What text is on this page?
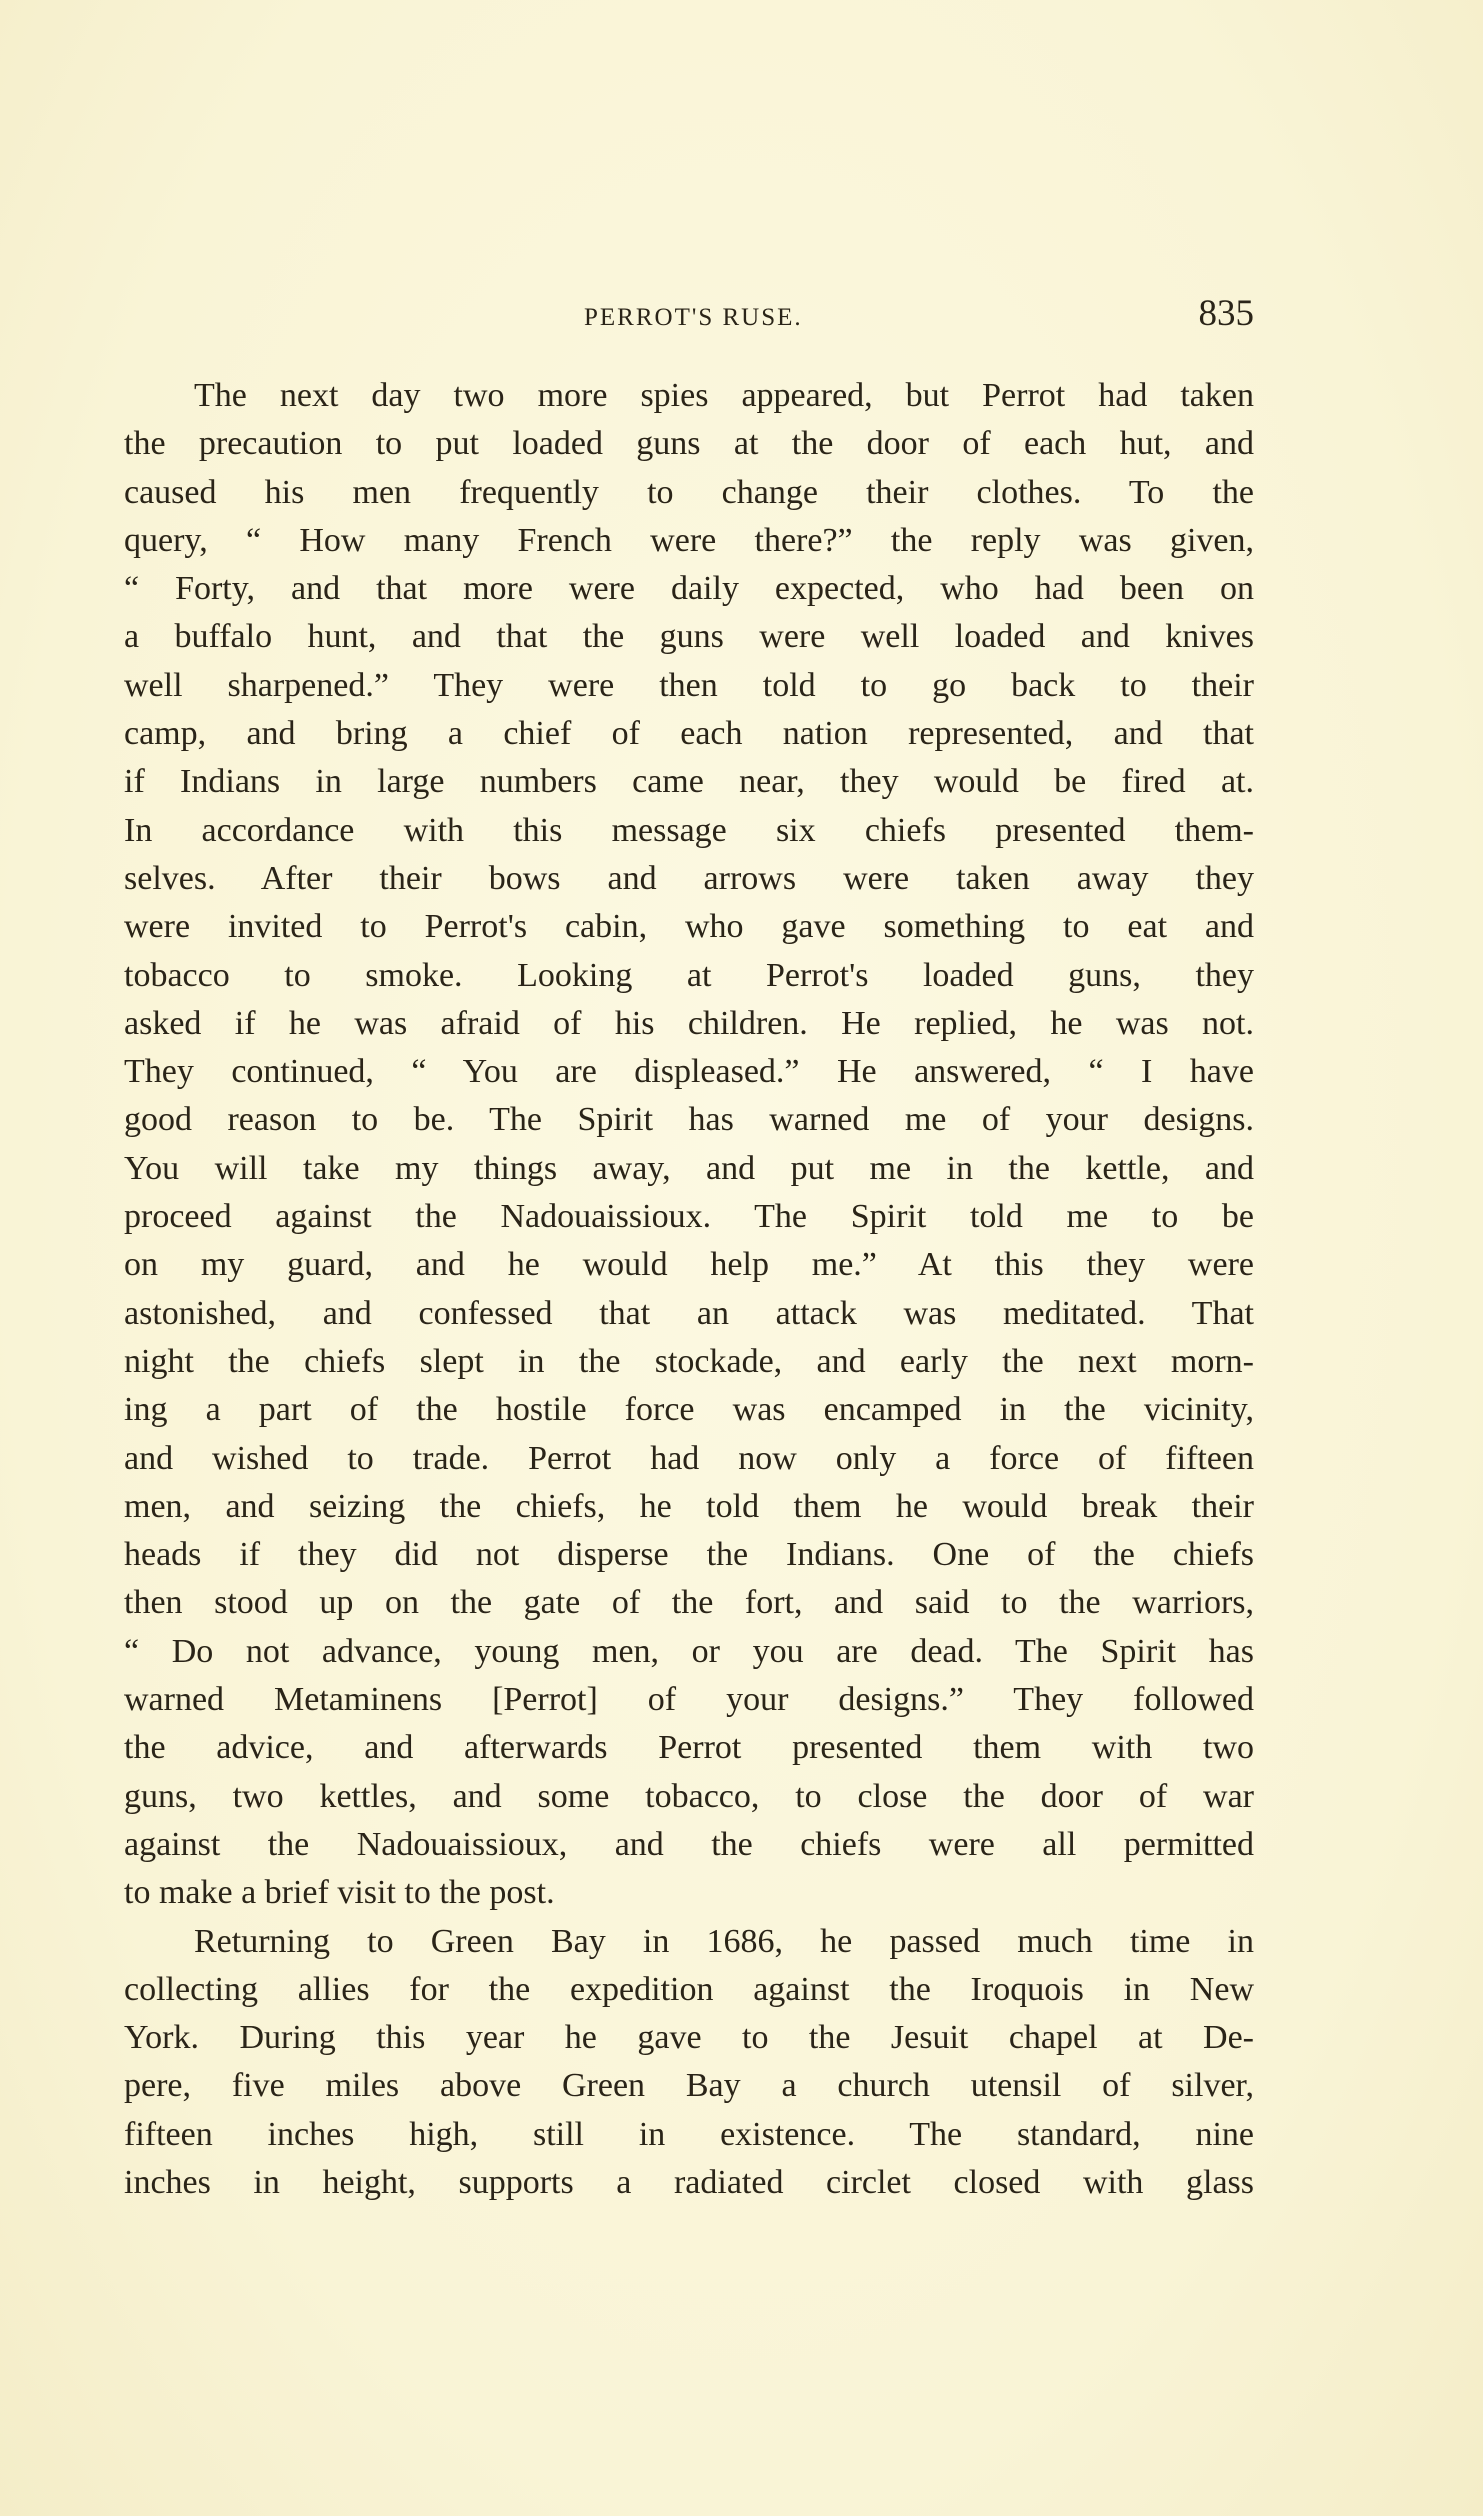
PERROT'S RUSE.	835
The next day two more spies appeared, but Perrot had taken
the precaution to put loaded guns at the door of each hut, and
caused his men frequently to change their clothes. To the
query, “ How many French were there?” the reply was given,
“ Forty, and that more were daily expected, who had been on
a buffalo hunt, and that the guns were well loaded and knives
well sharpened.” They were then told to go back to their
camp, and bring a chief of each nation represented, and that
if Indians in large numbers came near, they would be fired at.
In accordance with this message six chiefs presented them-
selves. After their bows and arrows were taken away they
were invited to Perrot's cabin, who gave something to eat and
tobacco to smoke. Looking at Perrot's loaded guns, they
asked if he was afraid of his children. He replied, he was not.
They continued, “ You are displeased.” He answered, “ I have
good reason to be. The Spirit has warned me of your designs.
You will take my things away, and put me in the kettle, and
proceed against the Nadouaissioux. The Spirit told me to be
on my guard, and he would help me.” At this they were
astonished, and confessed that an attack was meditated. That
night the chiefs slept in the stockade, and early the next morn-
ing a part of the hostile force was encamped in the vicinity,
and wished to trade. Perrot had now only a force of fifteen
men, and seizing the chiefs, he told them he would break their
heads if they did not disperse the Indians. One of the chiefs
then stood up on the gate of the fort, and said to the warriors,
“ Do not advance, young men, or you are dead. The Spirit has
warned Metaminens [Perrot] of your designs.” They followed
the advice, and afterwards Perrot presented them with two
guns, two kettles, and some tobacco, to close the door of war
against the Nadouaissioux, and the chiefs were all permitted
to make a brief visit to the post.
Returning to Green Bay in 1686, he passed much time in
collecting allies for the expedition against the Iroquois in New
York. During this year he gave to the Jesuit chapel at De-
pere, five miles above Green Bay a church utensil of silver,
fifteen inches high, still in existence. The standard, nine
inches in height, supports a radiated circlet closed with glass
